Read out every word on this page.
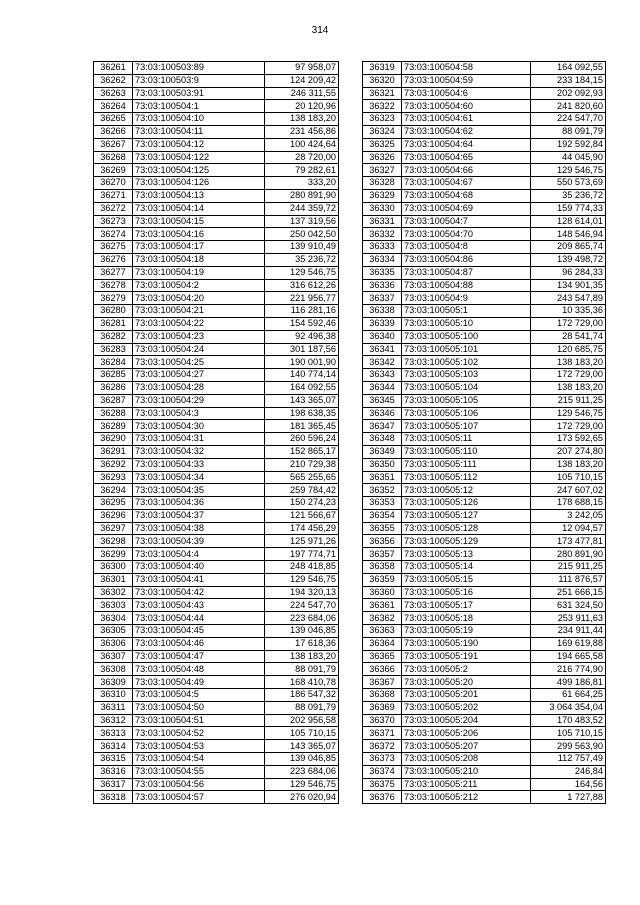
314
36261	73:03:100503:89	97 958,07
36262	73:03:100503:9	124 209,42
36263	73:03:100503:91	246 311,55
36264	73:03:100504:1	20 120,96
36265	73:03:100504:10	138 183,20
36266	73:03:100504:11	231 456,86
36267	73:03:100504:12	100 424,64
36268	73:03:100504:122	28 720,00
36269	73:03:100504:125	79 282,61
36270	73:03:100504:126	333,20
36271	73:03:100504:13	280 891,90
36272	73:03:100504:14	244 359,72
36273	73:03:100504:15	137 319,56
36274	73:03:100504:16	250 042,50
36275	73:03:100504:17	139 910,49
36276	73:03:100504:18	35 236,72
36277	73:03:100504:19	129 546,75
36278	73:03:100504:2	316 612,26
36279	73:03:100504:20	221 956,77
36280	73:03:100504:21	116 281,16
36281	73:03:100504:22	154 592,46
36282	73:03:100504:23	92 496,38
36283	73:03:100504:24	301 187,56
36284	73:03:100504:25	190 001,90
36285	73:03:100504:27	140 774,14
36286	73:03:100504:28	164 092,55
36287	73:03:100504:29	143 365,07
36288	73:03:100504:3	198 638,35
36289	73:03:100504:30	181 365,45
36290	73:03:100504:31	260 596,24
36291	73:03:100504:32	152 865,17
36292	73:03:100504:33	210 729,38
36293	73:03:100504:34	565 255,65
36294	73:03:100504:35	259 784,42
36295	73:03:100504:36	150 274,23
36296	73:03:100504:37	121 566,67
36297	73:03:100504:38	174 456,29
36298	73:03:100504:39	125 971,26
36299	73:03:100504:4	197 774,71
36300	73:03:100504:40	248 418,85
36301	73:03:100504:41	129 546,75
36302	73:03:100504:42	194 320,13
36303	73:03:100504:43	224 547,70
36304	73:03:100504:44	223 684,06
36305	73:03:100504:45	139 046,85
36306	73:03:100504:46	17 618,36
36307	73:03:100504:47	138 183,20
36308	73:03:100504:48	88 091,79
36309	73:03:100504:49	168 410,78
36310	73:03:100504:5	186 547,32
36311	73:03:100504:50	88 091,79
36312	73:03:100504:51	202 956,58
36313	73:03:100504:52	105 710,15
36314	73:03:100504:53	143 365,07
36315	73:03:100504:54	139 046,85
36316	73:03:100504:55	223 684,06
36317	73:03:100504:56	129 546,75
36318	73:03:100504:57	276 020,94
36319	73:03:100504:58	164 092,55
36320	73:03:100504:59	233 184,15
36321	73:03:100504:6	202 092,93
36322	73:03:100504:60	241 820,60
36323	73:03:100504:61	224 547,70
36324	73:03:100504:62	88 091,79
36325	73:03:100504:64	192 592,84
36326	73:03:100504:65	44 045,90
36327	73:03:100504:66	129 546,75
36328	73:03:100504:67	550 573,69
36329	73:03:100504:68	35 236,72
36330	73:03:100504:69	159 774,33
36331	73:03:100504:7	128 614,01
36332	73:03:100504:70	148 546,94
36333	73:03:100504:8	209 865,74
36334	73:03:100504:86	139 498,72
36335	73:03:100504:87	96 284,33
36336	73:03:100504:88	134 901,35
36337	73:03:100504:9	243 547,89
36338	73:03:100505:1	10 335,36
36339	73:03:100505:10	172 729,00
36340	73:03:100505:100	28 541,74
36341	73:03:100505:101	120 685,75
36342	73:03:100505:102	138 183,20
36343	73:03:100505:103	172 729,00
36344	73:03:100505:104	138 183,20
36345	73:03:100505:105	215 911,25
36346	73:03:100505:106	129 546,75
36347	73:03:100505:107	172 729,00
36348	73:03:100505:11	173 592,65
36349	73:03:100505:110	207 274,80
36350	73:03:100505:111	138 183,20
36351	73:03:100505:112	105 710,15
36352	73:03:100505:12	247 607,02
36353	73:03:100505:126	178 688,15
36354	73:03:100505:127	3 242,05
36355	73:03:100505:128	12 094,57
36356	73:03:100505:129	173 477,81
36357	73:03:100505:13	280 891,90
36358	73:03:100505:14	215 911,25
36359	73:03:100505:15	111 876,57
36360	73:03:100505:16	251 666,15
36361	73:03:100505:17	631 324,50
36362	73:03:100505:18	253 911,63
36363	73:03:100505:19	234 911,44
36364	73:03:100505:190	169 619,88
36365	73:03:100505:191	194 665,58
36366	73:03:100505:2	216 774,90
36367	73:03:100505:20	499 186,81
36368	73:03:100505:201	61 664,25
36369	73:03:100505:202	3 064 354,04
36370	73:03:100505:204	170 483,52
36371	73:03:100505:206	105 710,15
36372	73:03:100505:207	299 563,90
36373	73:03:100505:208	112 757,49
36374	73:03:100505:210	246,84
36375	73:03:100505:211	164,56
36376	73:03:100505:212	1 727,88
